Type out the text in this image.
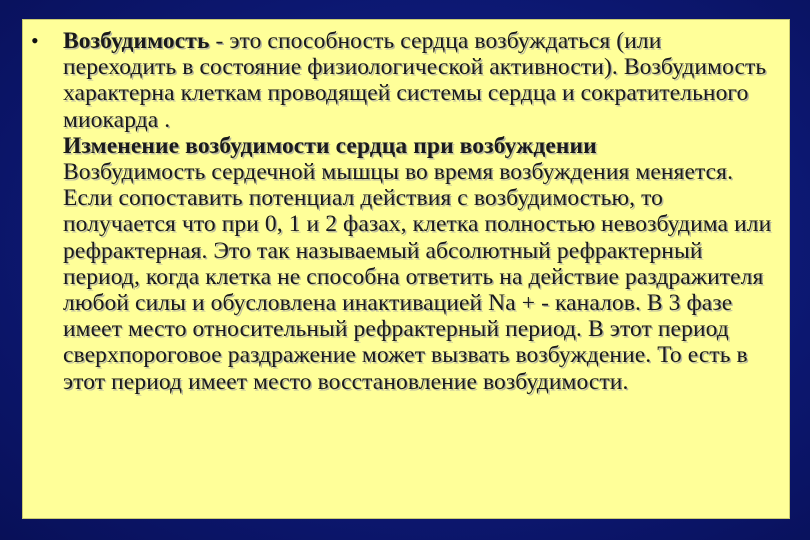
• Возбудимость - это способность сердца возбуждаться (или переходить в состояние физиологической активности). Возбудимость характерна клеткам проводящей системы сердца и сократительного миокарда .
Изменение возбудимости сердца при возбуждении
Возбудимость сердечной мышцы во время возбуждения меняется. Если сопоставить потенциал действия с возбудимостью, то получается что при 0, 1 и 2 фазах, клетка полностью невозбудима или рефрактерная. Это так называемый абсолютный рефрактерный период, когда клетка не способна ответить на действие раздражителя любой силы и обусловлена инактивацией Na + - каналов. В 3 фазе имеет место относительный рефрактерный период. В этот период сверхпороговое раздражение может вызвать возбуждение. То есть в этот период имеет место восстановление возбудимости.
